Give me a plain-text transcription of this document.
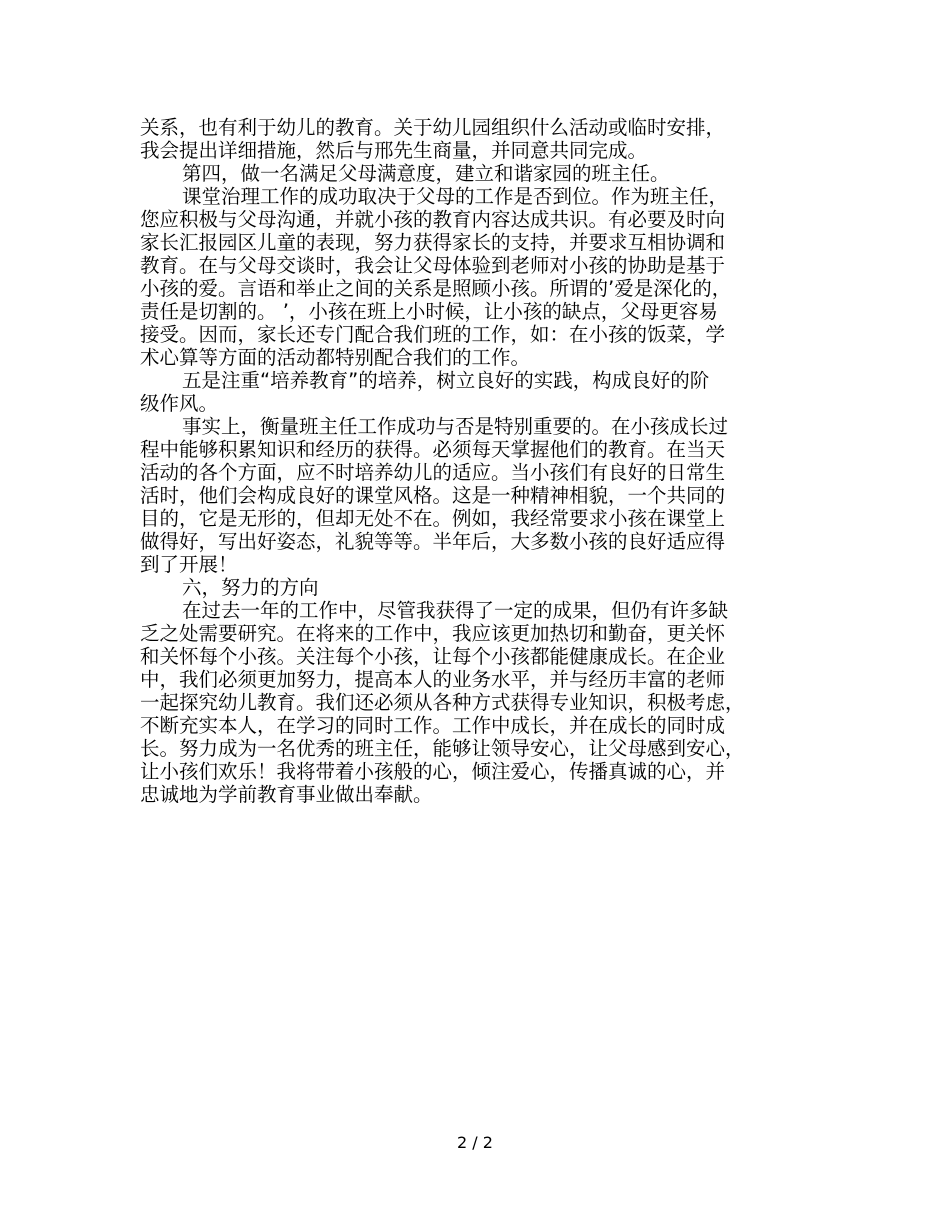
关系，也有利于幼儿的教育。关于幼儿园组织什么活动或临时安排，
我会提出详细措施，然后与邢先生商量，并同意共同完成。
第四，做一名满足父母满意度，建立和谐家园的班主任。
课堂治理工作的成功取决于父母的工作是否到位。作为班主任，
您应积极与父母沟通，并就小孩的教育内容达成共识。有必要及时向
家长汇报园区儿童的表现，努力获得家长的支持，并要求互相协调和
教育。在与父母交谈时，我会让父母体验到老师对小孩的协助是基于
小孩的爱。言语和举止之间的关系是照顾小孩。所谓的’爱是深化的，
责任是切割的。 ’，小孩在班上小时候，让小孩的缺点，父母更容易
接受。因而，家长还专门配合我们班的工作，如：在小孩的饭菜，学
术心算等方面的活动都特别配合我们的工作。
五是注重“培养教育”的培养，树立良好的实践，构成良好的阶
级作风。
事实上，衡量班主任工作成功与否是特别重要的。在小孩成长过
程中能够积累知识和经历的获得。必须每天掌握他们的教育。在当天
活动的各个方面，应不时培养幼儿的适应。当小孩们有良好的日常生
活时，他们会构成良好的课堂风格。这是一种精神相貌，一个共同的
目的，它是无形的，但却无处不在。例如，我经常要求小孩在课堂上
做得好，写出好姿态，礼貌等等。半年后，大多数小孩的良好适应得
到了开展！
六，努力的方向
在过去一年的工作中，尽管我获得了一定的成果，但仍有许多缺
乏之处需要研究。在将来的工作中，我应该更加热切和勤奋，更关怀
和关怀每个小孩。关注每个小孩，让每个小孩都能健康成长。在企业
中，我们必须更加努力，提高本人的业务水平，并与经历丰富的老师
一起探究幼儿教育。我们还必须从各种方式获得专业知识，积极考虑，
不断充实本人，在学习的同时工作。工作中成长，并在成长的同时成
长。努力成为一名优秀的班主任，能够让领导安心，让父母感到安心，
让小孩们欢乐！我将带着小孩般的心，倾注爱心，传播真诚的心，并
忠诚地为学前教育事业做出奉献。
2 / 2
